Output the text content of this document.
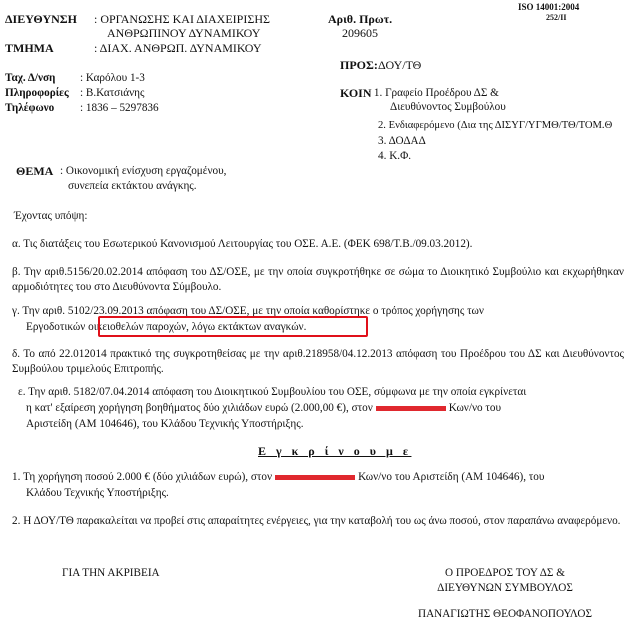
ISO 14001:2004
252/II
ΔΙΕΥΘΥΝΣΗ : ΟΡΓΑΝΩΣΗΣ ΚΑΙ ΔΙΑΧΕΙΡΙΣΗΣ
ΑΝΘΡΩΠΙΝΟΥ ΔΥΝΑΜΙΚΟΥ
ΤΜΗΜΑ	: ΔΙΑΧ. ΑΝΘΡΩΠ. ΔΥΝΑΜΙΚΟΥ
Αριθ. Πρωτ.
209605
Ταχ. Δ/νση : Καρόλου 1-3
Πληροφορίες : Β.Κατσιάνης
Τηλέφωνο : 1836 – 5297836
ΠΡΟΣ: ΔΟΥ/ΤΘ
ΚΟΙΝ
: 1. Γραφείο Προέδρου ΔΣ &
Διευθύνοντος Συμβούλου
2. Ενδιαφερόμενο (Δια της ΔΙΣΥΓ/ΥΓΜΘ/ΤΘ/ΤΟΜ.Θ
3. ΔΟΔΑΔ
4. Κ.Φ.
ΘΕΜΑ : Οικονομική ενίσχυση εργαζομένου,
συνεπεία εκτάκτου ανάγκης.
Έχοντας υπόψη:
α. Τις διατάξεις του Εσωτερικού Κανονισμού Λειτουργίας του ΟΣΕ. Α.Ε. (ΦΕΚ 698/Τ.Β./09.03.2012).
β. Την αριθ.5156/20.02.2014 απόφαση του ΔΣ/ΟΣΕ, με την οποία συγκροτήθηκε σε σώμα το Διοικητικό Συμβούλιο και εκχωρήθηκαν αρμοδιότητες του στο Διευθύνοντα Σύμβουλο.
γ. Την αριθ. 5102/23.09.2013 απόφαση του ΔΣ/ΟΣΕ, με την οποία καθορίστηκε ο τρόπος χορήγησης των
Εργοδοτικών οικειοθελών παροχών, λόγω εκτάκτων αναγκών.
δ. Το από 22.012014 πρακτικό της συγκροτηθείσας με την αριθ.218958/04.12.2013 απόφαση του Προέδρου του ΔΣ και Διευθύνοντος Συμβούλου τριμελούς Επιτροπής.
ε. Την αριθ. 5182/07.04.2014 απόφαση του Διοικητικού Συμβουλίου του ΟΣΕ, σύμφωνα με την οποία εγκρίνεται
η κατ' εξαίρεση χορήγηση βοηθήματος δύο χιλιάδων ευρώ (2.000,00 €), στον	Κων/νο του
Αριστείδη (ΑΜ 104646), του Κλάδου Τεχνικής Υποστήριξης.
Ε γ κ ρ ί ν ο υ μ ε
1. Τη χορήγηση ποσού 2.000 € (δύο χιλιάδων ευρώ), στον	Κων/νο του Αριστείδη (ΑΜ 104646), του
Κλάδου Τεχνικής Υποστήριξης.
2. Η ΔΟΥ/ΤΘ παρακαλείται να προβεί στις απαραίτητες ενέργειες, για την καταβολή του ως άνω ποσού, στον παραπάνω αναφερόμενο.
ΓΙΑ ΤΗΝ ΑΚΡΙΒΕΙΑ	Ο ΠΡΟΕΔΡΟΣ ΤΟΥ ΔΣ &
ΔΙΕΥΘΥΝΩΝ ΣΥΜΒΟΥΛΟΣ
ΠΑΝΑΓΙΩΤΗΣ ΘΕΟΦΑΝΟΠΟΥΛΟΣ
